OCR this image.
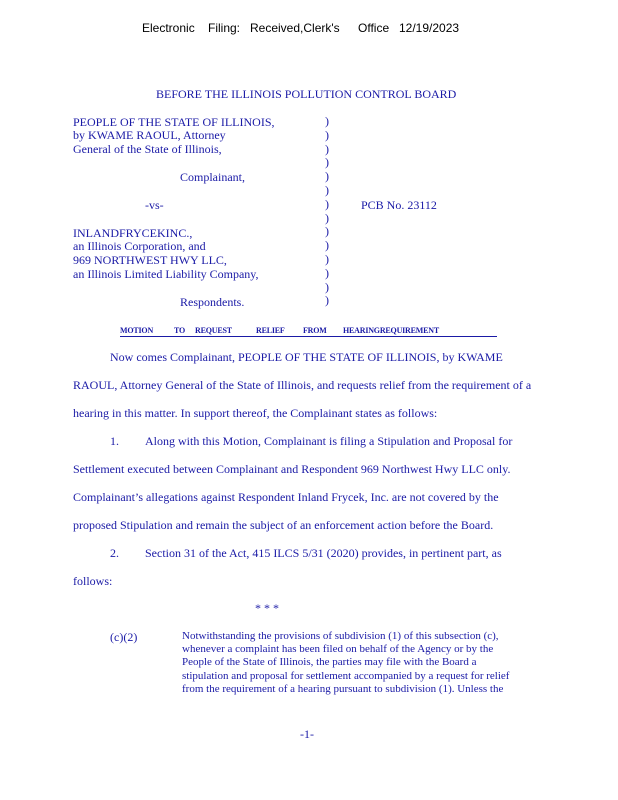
Electronic Filing: Received,Clerk's Office 12/19/2023
BEFORE THE ILLINOIS POLLUTION CONTROL BOARD
PEOPLE OF THE STATE OF ILLINOIS,
by KWAME RAOUL, Attorney
General of the State of Illinois,
Complainant,
-vs-
INLANDFRYCEKINC.,
an Illinois Corporation, and
969 NORTHWEST HWY LLC,
an Illinois Limited Liability Company,
Respondents.
)
)
)
)
)
)
)
)
)
)
)
)
)
)
PCB No. 23112
MOTION	TO REQUEST	RELIEF FROM HEARINGREQUIREMENT
Now comes Complainant, PEOPLE OF THE STATE OF ILLINOIS, by KWAME
RAOUL, Attorney General of the State of Illinois, and requests relief from the requirement of a
hearing in this matter. In support thereof, the Complainant states as follows:
1. Along with this Motion, Complainant is filing a Stipulation and Proposal for
Settlement executed between Complainant and Respondent 969 Northwest Hwy LLC only.
Complainant’s allegations against Respondent Inland Frycek, Inc. are not covered by the
proposed Stipulation and remain the subject of an enforcement action before the Board.
2. Section 31 of the Act, 415 ILCS 5/31 (2020) provides, in pertinent part, as
follows:
* * *
(c)(2)	Notwithstanding the provisions of subdivision (1) of this subsection (c),
whenever a complaint has been filed on behalf of the Agency or by the
People of the State of Illinois, the parties may file with the Board a
stipulation and proposal for settlement accompanied by a request for relief
from the requirement of a hearing pursuant to subdivision (1). Unless the
-1-
